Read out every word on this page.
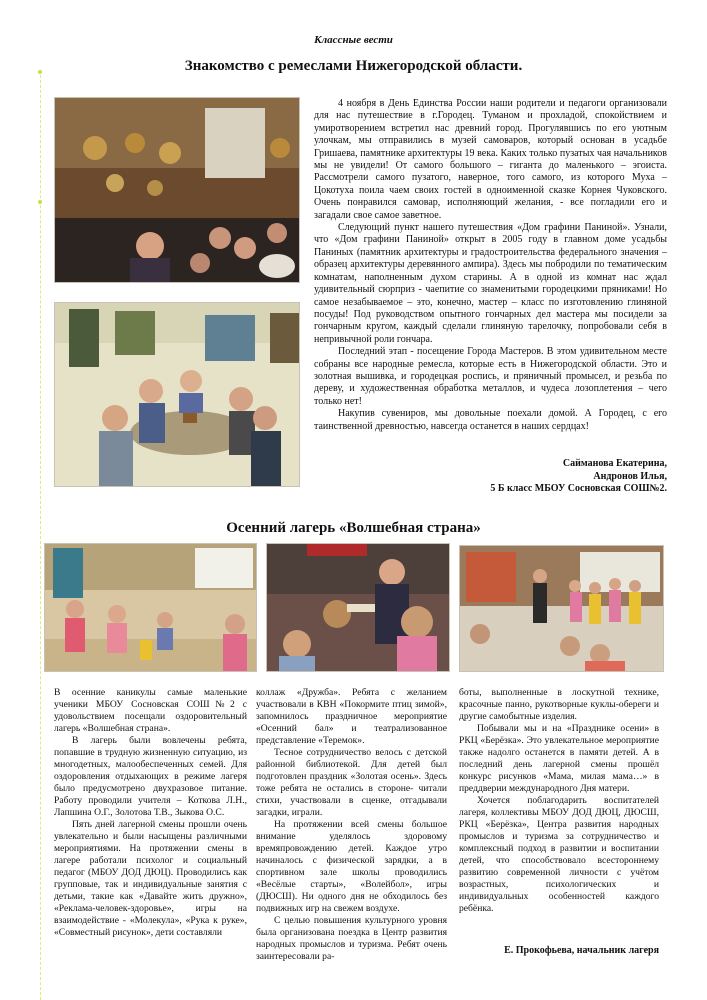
Классные вести
Знакомство с ремеслами Нижегородской области.

4 ноября в День Единства России наши родители и педагоги организовали для нас путешествие в г.Городец. Туманом и прохладой, спокойствием и умиротворением встретил нас древний город. Прогулявшись по его уютным улочкам, мы отправились в музей самоваров, который основан в усадьбе Гришаева, памятнике архитектуры 19 века. Каких только пузатых чая начальников мы не увидели! От самого большого – гиганта до маленького – эгоиста. Рассмотрели самого пузатого, наверное, того самого, из которого Муха – Цокотуха поила чаем своих гостей в одноименной сказке Корнея Чуковского. Очень понравился самовар, исполняющий желания, - все погладили его и загадали свое самое заветное.

Следующий пункт нашего путешествия «Дом графини Паниной». Узнали, что «Дом графини Паниной» открыт в 2005 году в главном доме усадьбы Паниных (памятник архитектуры и градостроительства федерального значения – образец архитектуры деревянного ампира). Здесь мы побродили по тематическим комнатам, наполненным духом старины. А в одной из комнат нас ждал удивительный сюрприз - чаепитие со знаменитыми городецкими пряниками! Но самое незабываемое – это, конечно, мастер – класс по изготовлению глиняной посуды! Под руководством опытного гончарных дел мастера мы посидели за гончарным кругом, каждый сделали глиняную тарелочку, попробовали себя в непривычной роли гончара.

Последний этап - посещение Города Мастеров. В этом удивительном месте собраны все народные ремесла, которые есть в Нижегородской области. Это и золотная вышивка, и городецкая роспись, и пряничный промысел, и резьба по дереву, и художественная обработка металлов, и чудеса лозоплетения – чего только нет!

Накупив сувениров, мы довольные поехали домой. А Городец, с его таинственной древностью, навсегда останется в наших сердцах!

Сайманова Екатерина,
Андронов Илья,
5 Б класс МБОУ Сосновская СОШ№2.
Осенний лагерь «Волшебная страна»

В осенние каникулы самые маленькие ученики МБОУ Сосновская СОШ№2 с удовольствием посещали оздоровительный лагерь «Волшебная страна».

В лагерь были вовлечены ребята, попавшие в трудную жизненную ситуацию, из многодетных, малообеспеченных семей. Для оздоровления отдыхающих в режиме лагеря было предусмотрено двухразовое питание. Работу проводили учителя – Коткова Л.Н., Лапшина О.Г., Золотова Т.В., Зыкова О.С.

Пять дней лагерной смены прошли очень увлекательно и были насыщены различными мероприятиями. На протяжении смены в лагере работали психолог и социальный педагог (МБОУ ДОД ДЮЦ). Проводились как групповые, так и индивидуальные занятия с детьми, такие как «Давайте жить дружно», «Реклама-человек-здоровье», игры на взаимодействие - «Молекула», «Рука к руке», «Совместный рисунок», дети составляли

коллаж «Дружба». Ребята с желанием участвовали в КВН «Покормите птиц зимой», запомнилось праздничное мероприятие «Осенний бал» и театрализованное представление «Теремок».

Тесное сотрудничество велось с детской районной библиотекой. Для детей был подготовлен праздник «Золотая осень». Здесь тоже ребята не остались в стороне- читали стихи, участвовали в сценке, отгадывали загадки, играли.

На протяжении всей смены большое внимание уделялось здоровому времяпровождению детей. Каждое утро начиналось с физической зарядки, а в спортивном зале школы проводились «Весёлые старты», «Волейбол», игры (ДЮСШ). Ни одного дня не обходилось без подвижных игр на свежем воздухе.

С целью повышения культурного уровня была организована поездка в Центр развития народных промыслов и туризма. Ребят очень заинтересовали ра-

боты, выполненные в лоскутной технике, красочные панно, рукотворные куклы-обереги и другие самобытные изделия.

Побывали мы и на «Празднике осени» в РКЦ «Берёзка». Это увлекательное мероприятие также надолго останется в памяти детей. А в последний день лагерной смены прошёл конкурс рисунков «Мама, милая мама…» в преддверии международного Дня матери.

Хочется поблагодарить воспитателей лагеря, коллективы МБОУ ДОД ДЮЦ, ДЮСШ, РКЦ «Берёзка», Центра развития народных промыслов и туризма за сотрудничество и комплексный подход в развитии и воспитании детей, что способствовало всестороннему развитию современной личности с учётом возрастных, психологических и индивидуальных особенностей каждого ребёнка.

Е. Прокофьева, начальник лагеря
